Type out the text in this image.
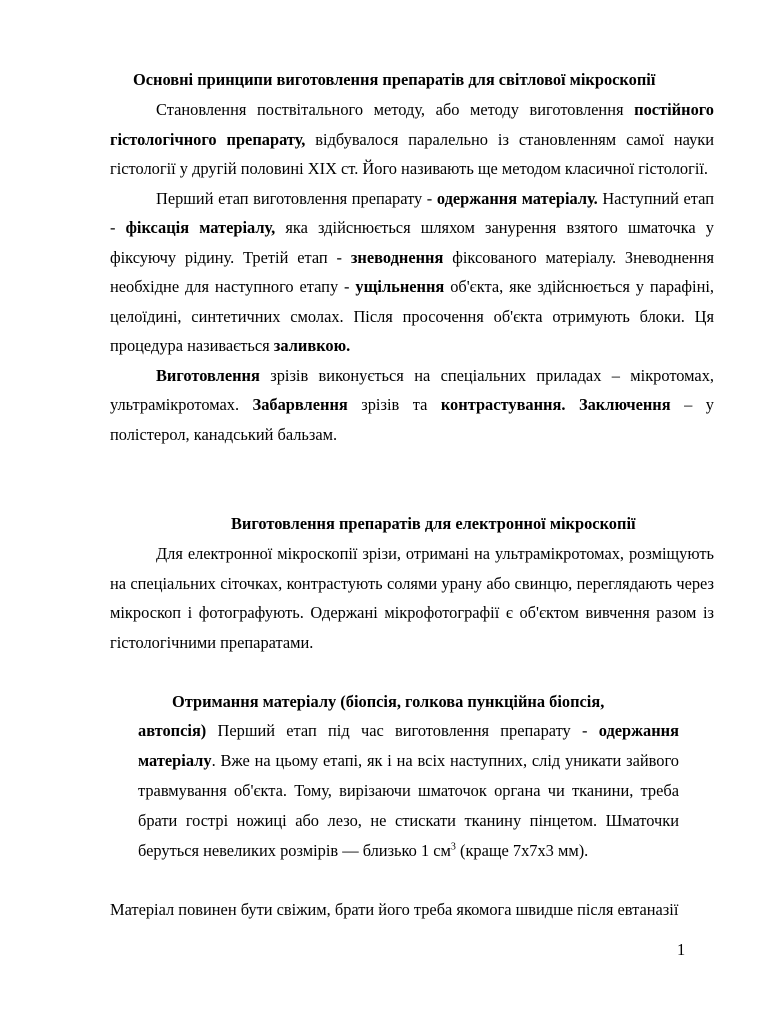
Основні принципи виготовлення препаратів для світлової мікроскопії

Становлення поствітального методу, або методу виготовлення постійного гістологічного препарату, відбувалося паралельно із становленням самої науки гістології у другій половині XIX ст. Його називають ще методом класичної гістології.

Перший етап виготовлення препарату - одержання матеріалу. Наступний етап - фіксація матеріалу, яка здійснюється шляхом занурення взятого шматочка у фіксуючу рідину. Третій етап - зневоднення фіксованого матеріалу. Зневоднення необхідне для наступного етапу - ущільнення об'єкта, яке здійснюється у парафіні, целоїдині, синтетичних смолах. Після просочення об'єкта отримують блоки. Ця процедура називається заливкою.

Виготовлення зрізів виконується на спеціальних приладах – мікротомах, ультрамікротомах. Забарвлення зрізів та контрастування. Заключення – у полістерол, канадський бальзам.

Виготовлення препаратів для електронної мікроскопії

Для електронної мікроскопії зрізи, отримані на ультрамікротомах, розміщують на спеціальних сіточках, контрастують солями урану або свинцю, переглядають через мікроскоп і фотографують. Одержані мікрофотографії є об'єктом вивчення разом із гістологічними препаратами.

Отримання матеріалу (біопсія, голкова пункційна біопсія,

автопсія) Перший етап під час виготовлення препарату - одержання матеріалу. Вже на цьому етапі, як і на всіх наступних, слід уникати зайвого травмування об'єкта. Тому, вирізаючи шматочок органа чи тканини, треба брати гострі ножиці або лезо, не стискати тканину пінцетом. Шматочки беруться невеликих розмірів — близько 1 $см^3$ (краще 7х7х3 мм).

Матеріал повинен бути свіжим, брати його треба якомога швидше після евтаназії
1
